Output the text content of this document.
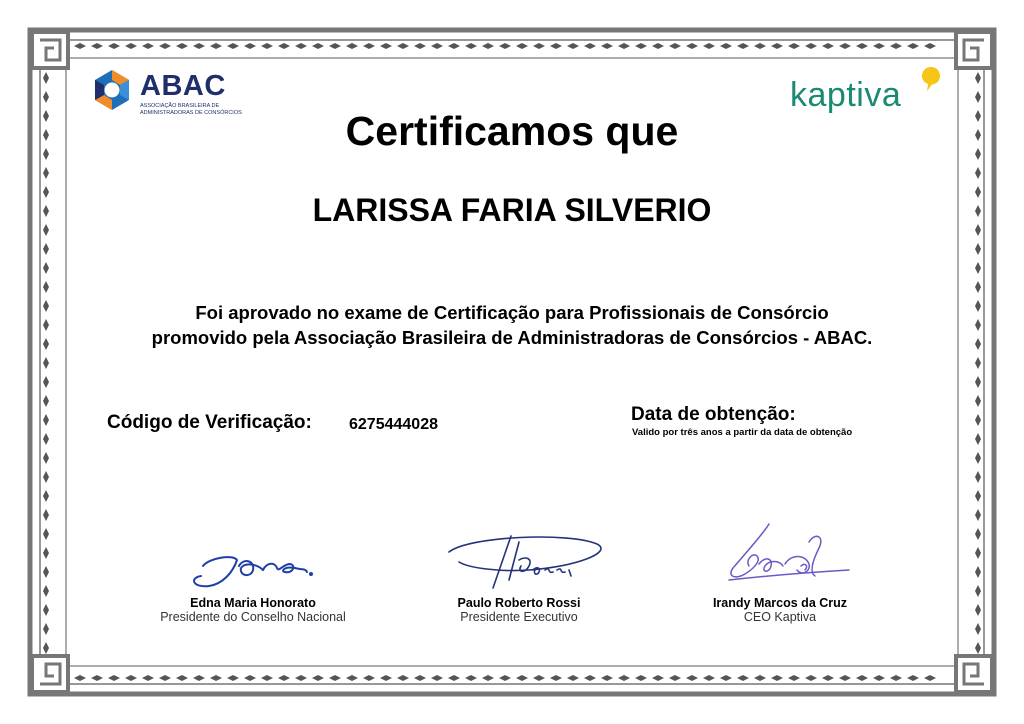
ABAC
ASSOCIAÇÃO BRASILEIRA DE
ADMINISTRADORAS DE CONSÓRCIOS	kaptiva
Certificamos que
LARISSA FARIA SILVERIO
Foi aprovado no exame de Certificação para Profissionais de Consórcio
promovido pela Associação Brasileira de Administradoras de Consórcios - ABAC.
Código de Verificação: 6275444028	Data de obtenção:
Valido por três anos a partir da data de obtenção
Edna Maria Honorato
Presidente do Conselho Nacional
Paulo Roberto Rossi
Presidente Executivo
Irandy Marcos da Cruz
CEO Kaptiva
